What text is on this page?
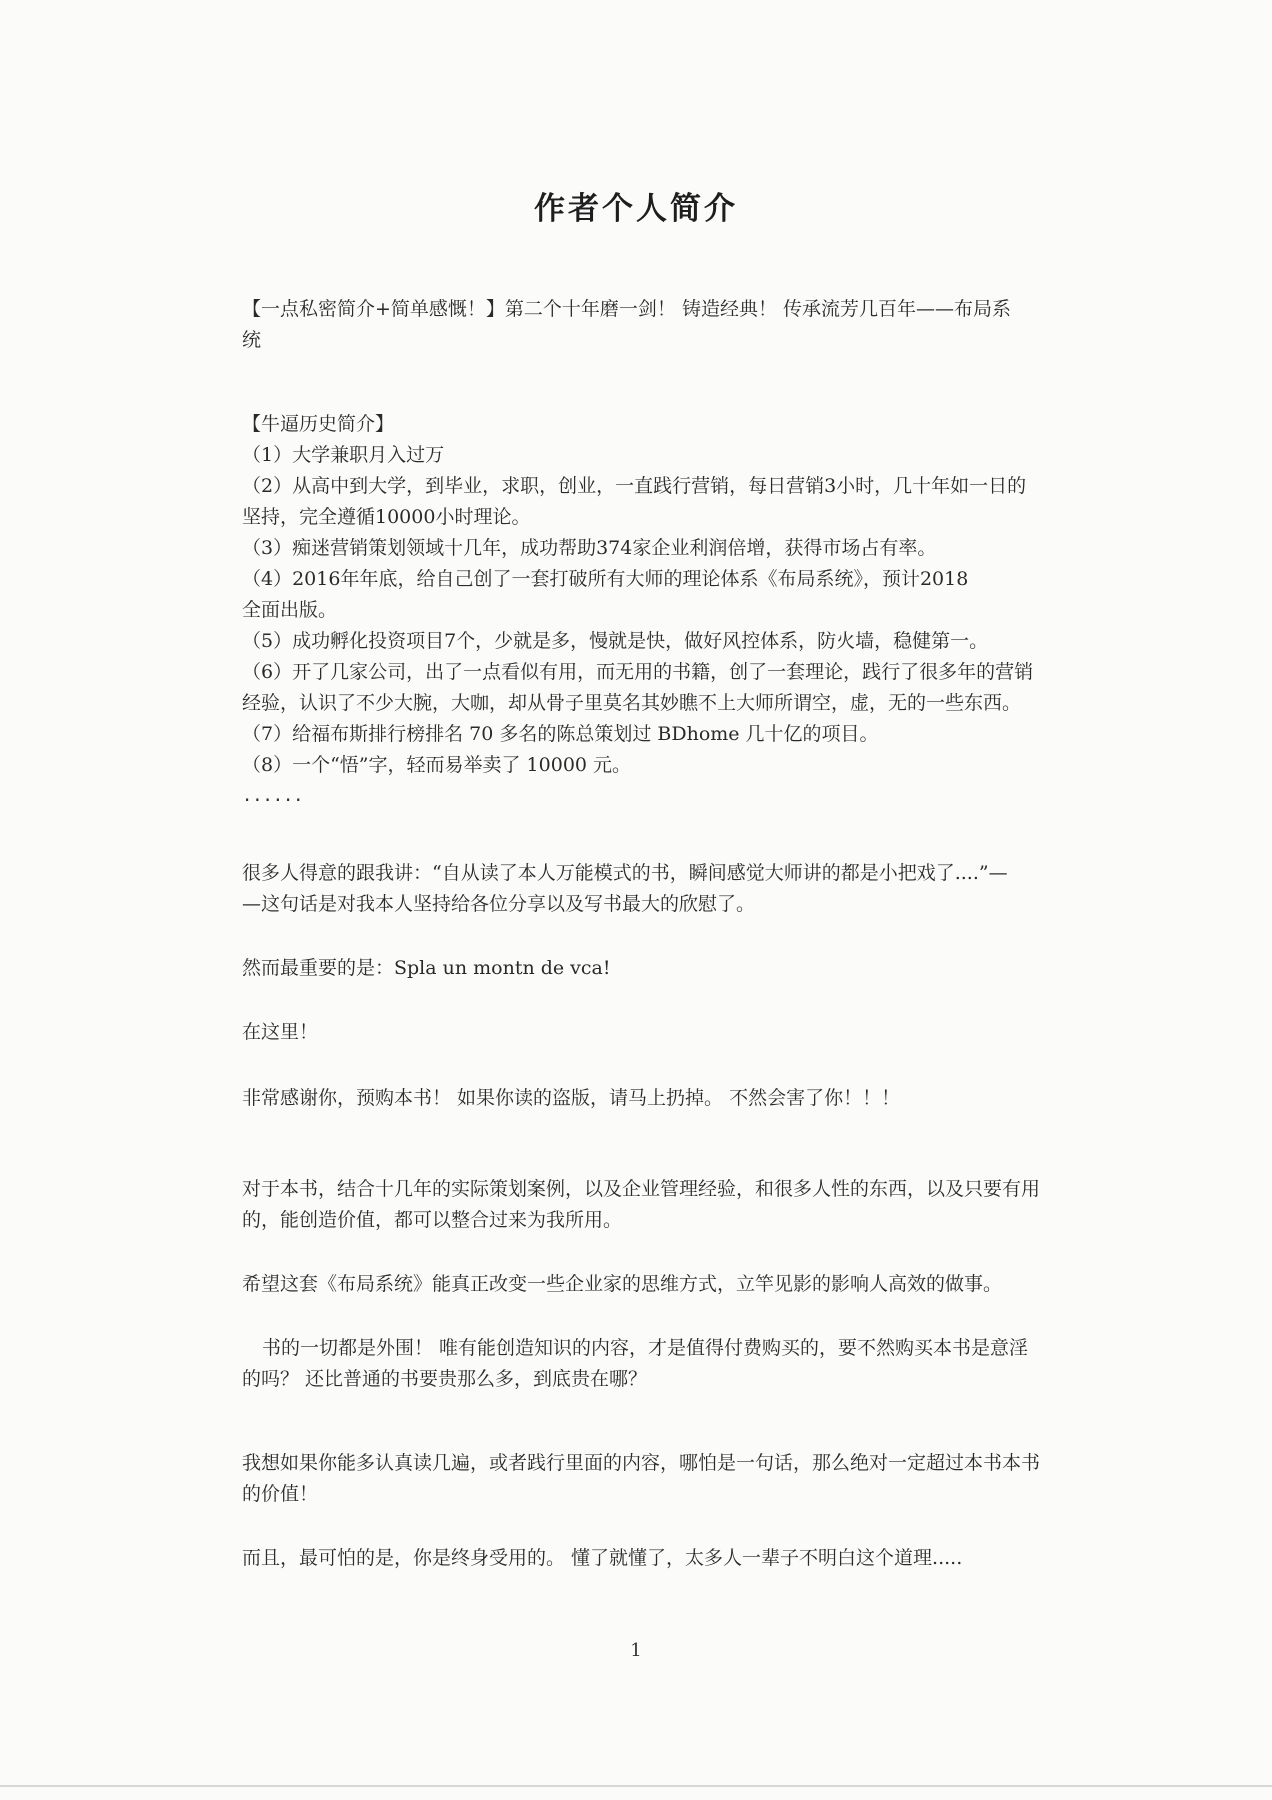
作者个人简介

【一点私密简介+简单感慨！】第二个十年磨一剑！ 铸造经典！ 传承流芳几百年——布局系

统

【牛逼历史简介】

（1）大学兼职月入过万

（2）从高中到大学，到毕业，求职，创业，一直践行营销，每日营销3小时，几十年如一日的

坚持，完全遵循10000小时理论。

（3）痴迷营销策划领域十几年，成功帮助374家企业利润倍增，获得市场占有率。

（4）2016年年底，给自己创了一套打破所有大师的理论体系《布局系统》，预计2018

全面出版。

（5）成功孵化投资项目7个，少就是多，慢就是快，做好风控体系，防火墙，稳健第一。

（6）开了几家公司，出了一点看似有用，而无用的书籍，创了一套理论，践行了很多年的营销

经验，认识了不少大腕，大咖，却从骨子里莫名其妙瞧不上大师所谓空，虚，无的一些东西。

（7）给福布斯排行榜排名 70 多名的陈总策划过 BDhome 几十亿的项目。

（8）一个“悟”字，轻而易举卖了 10000 元。

......

很多人得意的跟我讲：“自从读了本人万能模式的书，瞬间感觉大师讲的都是小把戏了....”—

—这句话是对我本人坚持给各位分享以及写书最大的欣慰了。

然而最重要的是：Spla un montn de vca!

在这里！

非常感谢你，预购本书！ 如果你读的盗版，请马上扔掉。 不然会害了你！！！

对于本书，结合十几年的实际策划案例，以及企业管理经验，和很多人性的东西，以及只要有用

的，能创造价值，都可以整合过来为我所用。

希望这套《布局系统》能真正改变一些企业家的思维方式，立竿见影的影响人高效的做事。

书的一切都是外围！ 唯有能创造知识的内容，才是值得付费购买的，要不然购买本书是意淫

的吗？ 还比普通的书要贵那么多，到底贵在哪？

我想如果你能多认真读几遍，或者践行里面的内容，哪怕是一句话，那么绝对一定超过本书本书

的价值！

而且，最可怕的是，你是终身受用的。 懂了就懂了，太多人一辈子不明白这个道理.....

1
